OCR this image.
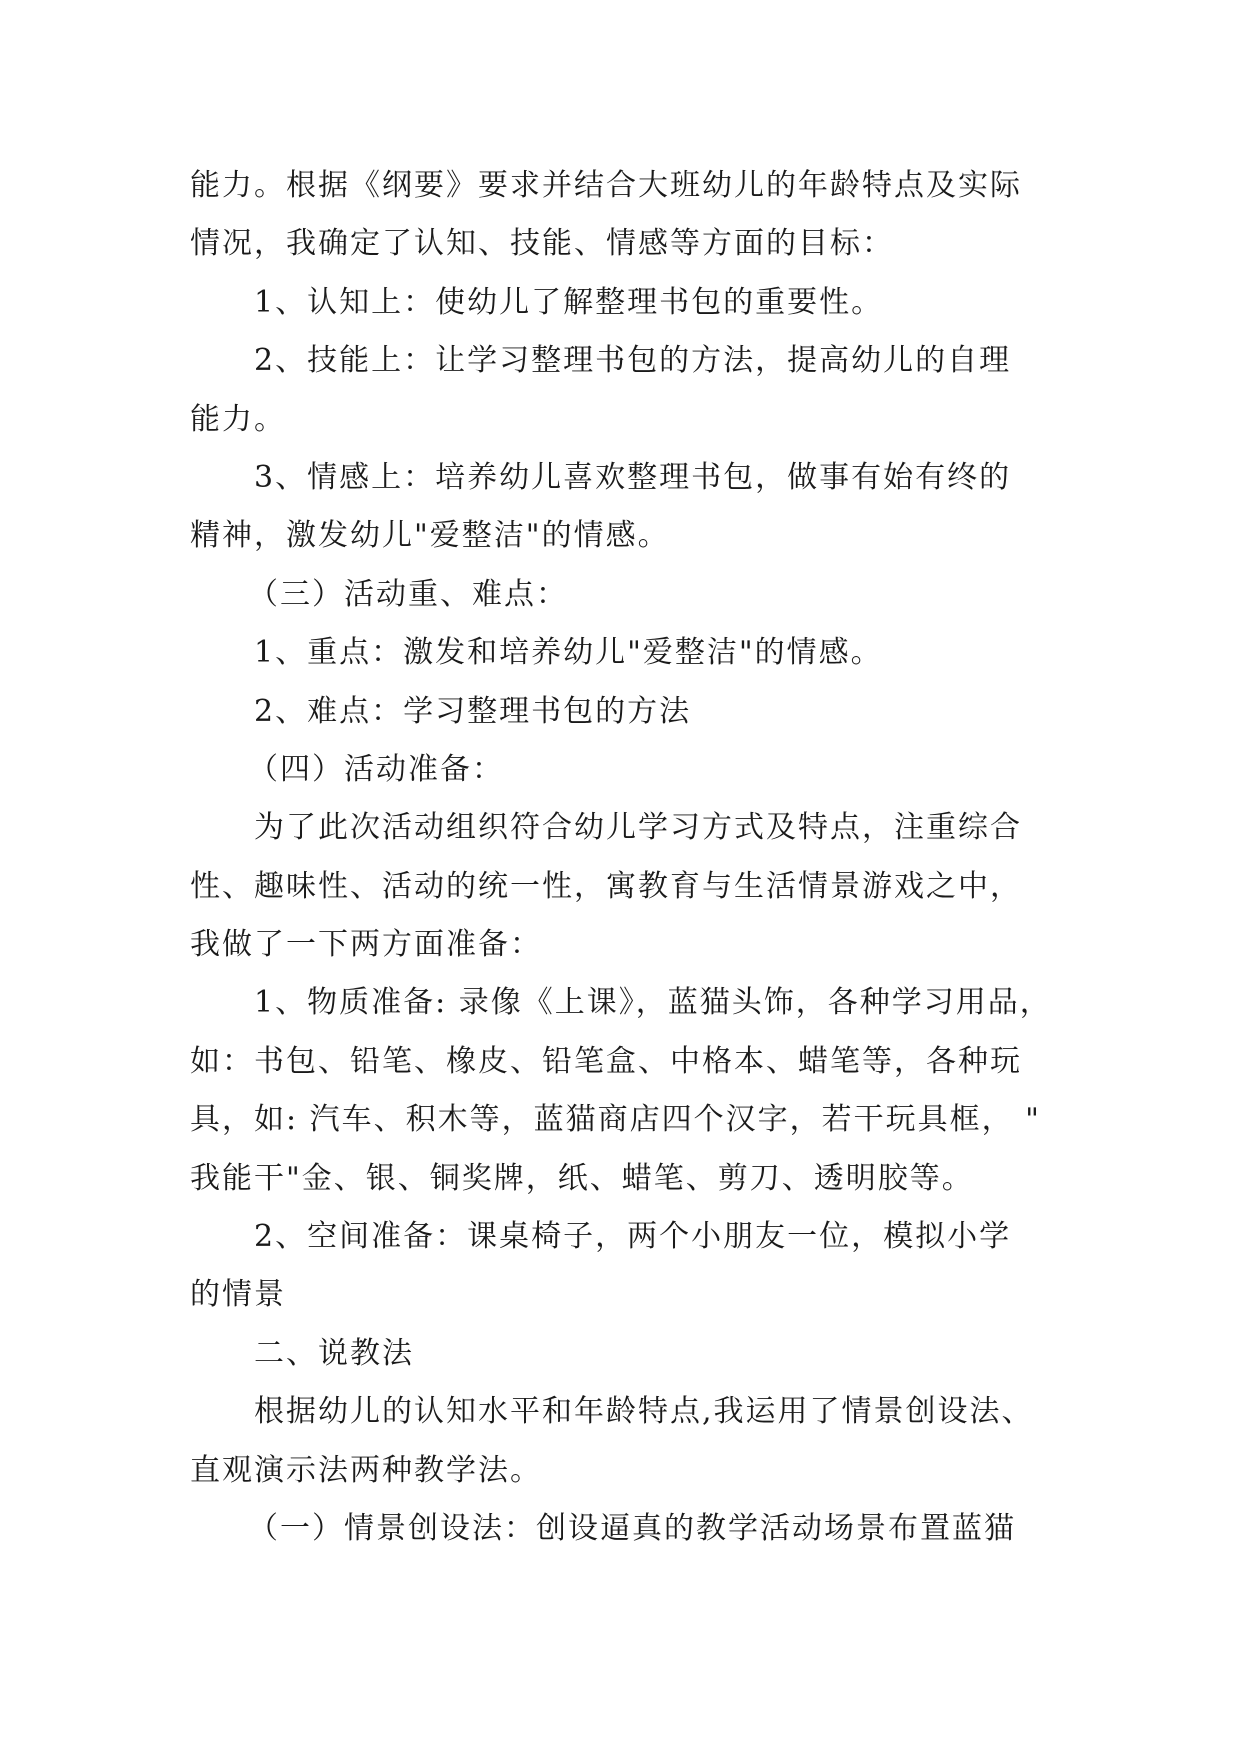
能力。根据《纲要》要求并结合大班幼儿的年龄特点及实际
情况，我确定了认知、技能、情感等方面的目标：
1、认知上：使幼儿了解整理书包的重要性。
2、技能上：让学习整理书包的方法，提高幼儿的自理
能力。
3、情感上：培养幼儿喜欢整理书包，做事有始有终的
精神，激发幼儿"爱整洁"的情感。
（三）活动重、难点：
1、重点：激发和培养幼儿"爱整洁"的情感。
2、难点：学习整理书包的方法
（四）活动准备：
为了此次活动组织符合幼儿学习方式及特点，注重综合
性、趣味性、活动的统一性，寓教育与生活情景游戏之中，
我做了一下两方面准备：
1、物质准备: 录像《上课》，蓝猫头饰，各种学习用品，
如：书包、铅笔、橡皮、铅笔盒、中格本、蜡笔等，各种玩
具，如: 汽车、积木等，蓝猫商店四个汉字，若干玩具框， "
我能干"金、银、铜奖牌，纸、蜡笔、剪刀、透明胶等。
2、空间准备：课桌椅子，两个小朋友一位，模拟小学
的情景
二、说教法
根据幼儿的认知水平和年龄特点,我运用了情景创设法、
直观演示法两种教学法。
（一）情景创设法：创设逼真的教学活动场景布置蓝猫
